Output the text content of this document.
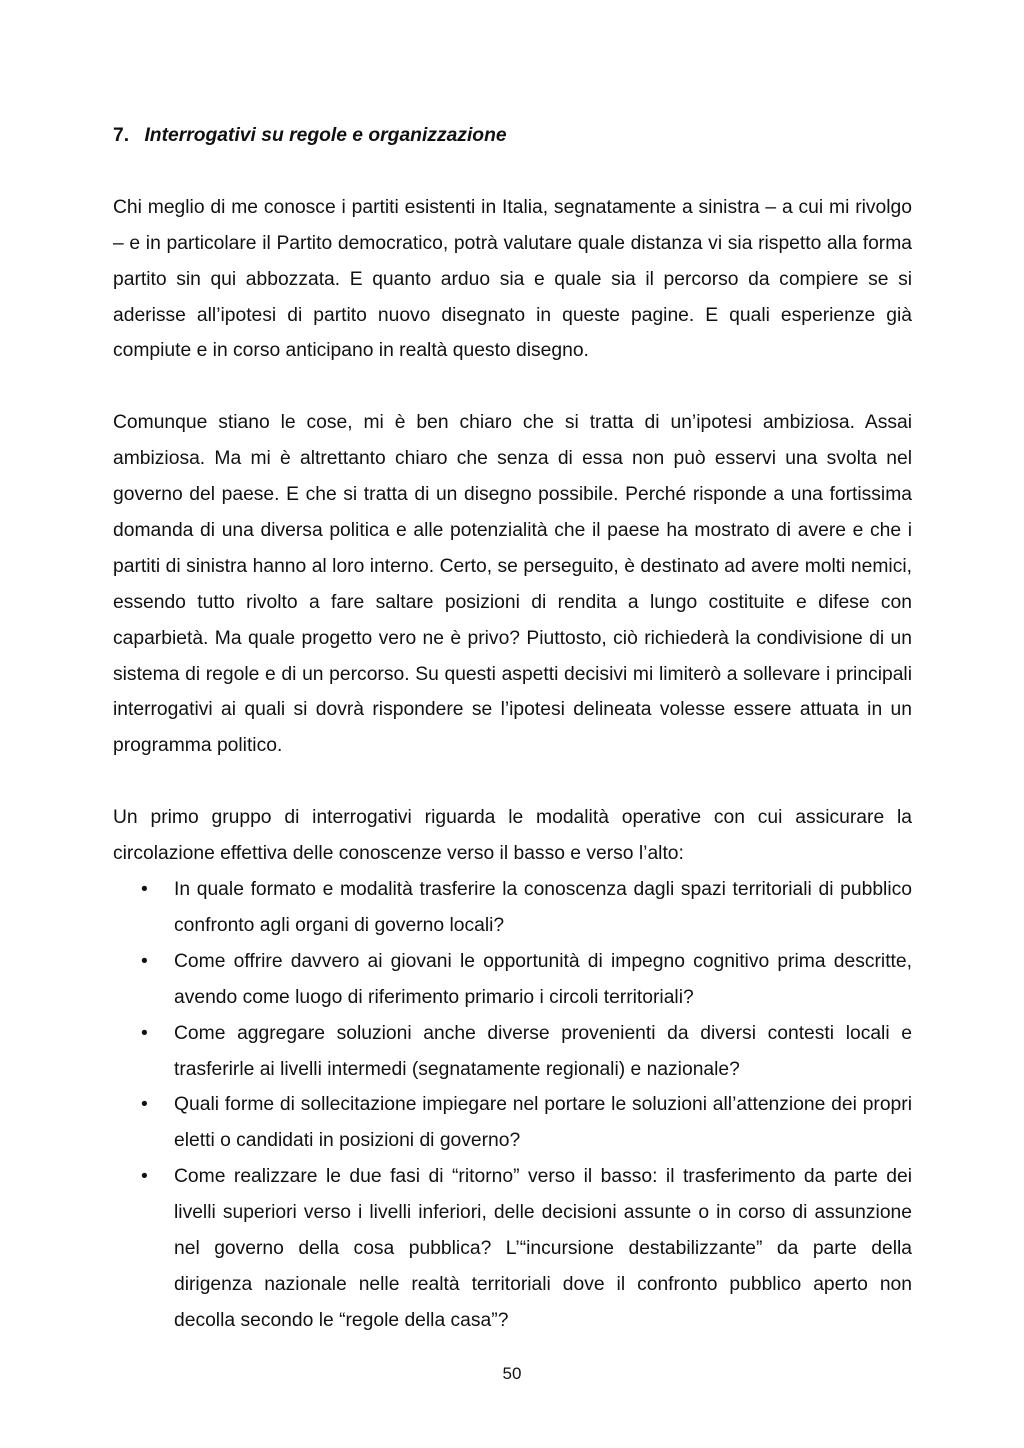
7. Interrogativi su regole e organizzazione

Chi meglio di me conosce i partiti esistenti in Italia, segnatamente a sinistra – a cui mi rivolgo – e in particolare il Partito democratico, potrà valutare quale distanza vi sia rispetto alla forma partito sin qui abbozzata. E quanto arduo sia e quale sia il percorso da compiere se si aderisse all’ipotesi di partito nuovo disegnato in queste pagine. E quali esperienze già compiute e in corso anticipano in realtà questo disegno.

Comunque stiano le cose, mi è ben chiaro che si tratta di un’ipotesi ambiziosa. Assai ambiziosa. Ma mi è altrettanto chiaro che senza di essa non può esservi una svolta nel governo del paese. E che si tratta di un disegno possibile. Perché risponde a una fortissima domanda di una diversa politica e alle potenzialità che il paese ha mostrato di avere e che i partiti di sinistra hanno al loro interno. Certo, se perseguito, è destinato ad avere molti nemici, essendo tutto rivolto a fare saltare posizioni di rendita a lungo costituite e difese con caparbietà. Ma quale progetto vero ne è privo? Piuttosto, ciò richiederà la condivisione di un sistema di regole e di un percorso. Su questi aspetti decisivi mi limiterò a sollevare i principali interrogativi ai quali si dovrà rispondere se l’ipotesi delineata volesse essere attuata in un programma politico.

Un primo gruppo di interrogativi riguarda le modalità operative con cui assicurare la circolazione effettiva delle conoscenze verso il basso e verso l’alto:

• In quale formato e modalità trasferire la conoscenza dagli spazi territoriali di pubblico confronto agli organi di governo locali?
• Come offrire davvero ai giovani le opportunità di impegno cognitivo prima descritte, avendo come luogo di riferimento primario i circoli territoriali?
• Come aggregare soluzioni anche diverse provenienti da diversi contesti locali e trasferirle ai livelli intermedi (segnatamente regionali) e nazionale?
• Quali forme di sollecitazione impiegare nel portare le soluzioni all’attenzione dei propri eletti o candidati in posizioni di governo?
• Come realizzare le due fasi di “ritorno” verso il basso: il trasferimento da parte dei livelli superiori verso i livelli inferiori, delle decisioni assunte o in corso di assunzione nel governo della cosa pubblica? L’“incursione destabilizzante” da parte della dirigenza nazionale nelle realtà territoriali dove il confronto pubblico aperto non decolla secondo le “regole della casa”?
50
